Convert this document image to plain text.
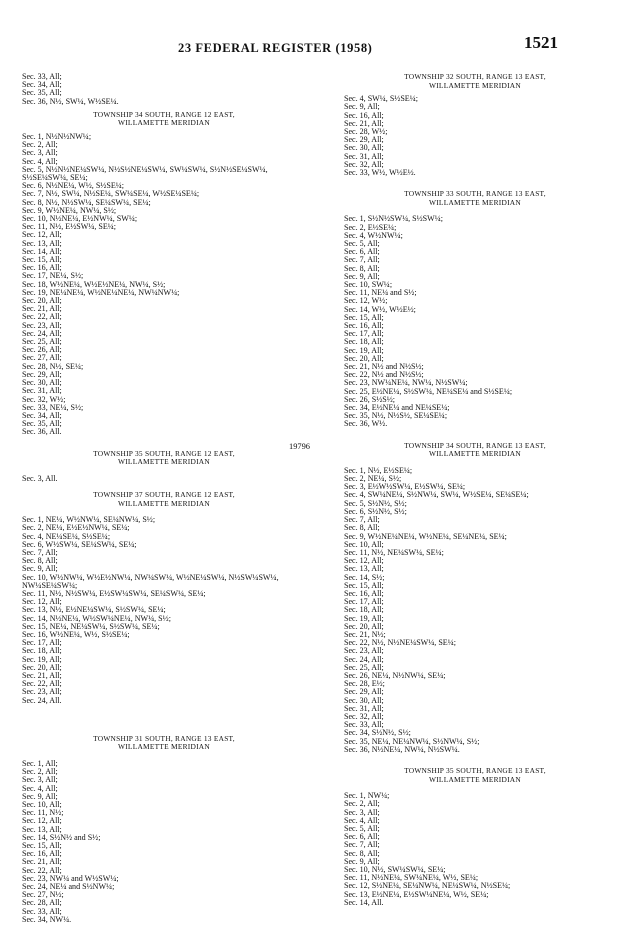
23 FEDERAL REGISTER (1958)	1521

Sec. 33, All;
Sec. 34, All;
Sec. 35, All;
Sec. 36, N½, SW¼, W½SE¼.

TOWNSHIP 34 SOUTH, RANGE 12 EAST,
WILLAMETTE MERIDIAN

Sec. 1, N½N½NW¼;
Sec. 2, All;
Sec. 3, All;
Sec. 4, All;

Sec. 5, N½N½NE¼SW¼, N½S½NE¼SW¼, SW¼SW¼, S½N½SE¼SW¼, S½SE¼SW¼, SE¼;

Sec. 6, N½NE¼, W½, S½SE¼;
Sec. 7, N½, SW¼, N½SE¼, SW¼SE¼, W½SE¼SE¼;
Sec. 8, N½, N½SW¼, SE¼SW¼, SE¼;
Sec. 9, W½NE¼, NW¼, S½;
Sec. 10, N½NE¼, E½NW¼, SW¼;
Sec. 11, N½, E½SW¼, SE¼;
Sec. 12, All;
Sec. 13, All;
Sec. 14, All;
Sec. 15, All;
Sec. 16, All;
Sec. 17, NE¼, S½;
Sec. 18, W½NE¼, W½E½NE¼, NW¼, S½;
Sec. 19, NE¼NE¼, W½NE¼NE¼, NW¼NW¼;
Sec. 20, All;
Sec. 21, All;
Sec. 22, All;
Sec. 23, All;
Sec. 24, All;
Sec. 25, All;
Sec. 26, All;
Sec. 27, All;
Sec. 28, N½, SE¼;
Sec. 29, All;
Sec. 30, All;
Sec. 31, All;
Sec. 32, W½;
Sec. 33, NE¼, S½;
Sec. 34, All;
Sec. 35, All;
Sec. 36, All.

TOWNSHIP 35 SOUTH, RANGE 12 EAST,
WILLAMETTE MERIDIAN

Sec. 3, All.

TOWNSHIP 37 SOUTH, RANGE 12 EAST,
WILLAMETTE MERIDIAN

Sec. 1, NE¼, W½NW¼, SE¼NW¼, S½;
Sec. 2, NE¼, E½E½NW¼, SE¼;
Sec. 4, NE¼SE¼, S½SE¼;
Sec. 6, W½SW¼, SE¼SW¼, SE¼;
Sec. 7, All;
Sec. 8, All;
Sec. 9, All;

Sec. 10, W½NW¼, W½E½NW¼, NW¼SW¼, W½NE¼SW¼, N½SW¼SW¼, NW¼SE¼SW¼;

Sec. 11, N½, N½SW¼, E½SW¼SW¼, SE¼SW¼, SE¼;

Sec. 12, All;
Sec. 13, N½, E½NE¼SW¼, S½SW¼, SE¼;
Sec. 14, N½NE¼, W½SW¼NE¼, NW¼, S½;
Sec. 15, NE¼, NE¼SW¼, S½SW¼, SE¼;
Sec. 16, W½NE¼, W½, S½SE¼;
Sec. 17, All;
Sec. 18, All;
Sec. 19, All;
Sec. 20, All;
Sec. 21, All;
Sec. 22, All;
Sec. 23, All;
Sec. 24, All.

TOWNSHIP 31 SOUTH, RANGE 13 EAST,
WILLAMETTE MERIDIAN

Sec. 1, All;
Sec. 2, All;
Sec. 3, All;
Sec. 4, All;
Sec. 9, All;
Sec. 10, All;
Sec. 11, N½;
Sec. 12, All;
Sec. 13, All;
Sec. 14, S½N½ and S½;
Sec. 15, All;
Sec. 16, All;
Sec. 21, All;
Sec. 22, All;
Sec. 23, NW¼ and W½SW¼;
Sec. 24, NE¼ and S½NW¼;
Sec. 27, N½;
Sec. 28, All;
Sec. 33, All;
Sec. 34, NW¼.

19796

TOWNSHIP 32 SOUTH, RANGE 13 EAST,
WILLAMETTE MERIDIAN

Sec. 4, SW¼, S½SE¼;
Sec. 9, All;
Sec. 16, All;
Sec. 21, All;
Sec. 28, W½;
Sec. 29, All;
Sec. 30, All;
Sec. 31, All;
Sec. 32, All;
Sec. 33, W½, W½E½.

TOWNSHIP 33 SOUTH, RANGE 13 EAST,
WILLAMETTE MERIDIAN

Sec. 1, S½N½SW¼, S½SW¼;
Sec. 2, E½SE¼;
Sec. 4, W½NW¼;
Sec. 5, All;
Sec. 6, All;
Sec. 7, All;
Sec. 8, All;
Sec. 9, All;
Sec. 10, SW¼;
Sec. 11, NE¼ and S½;
Sec. 12, W½;
Sec. 14, W½, W½E½;
Sec. 15, All;
Sec. 16, All;
Sec. 17, All;
Sec. 18, All;
Sec. 19, All;
Sec. 20, All;
Sec. 21, N½ and N½S½;
Sec. 22, N½ and N½S½;
Sec. 23, NW¼NE¼, NW¼, N½SW¼;
Sec. 25, E½NE¼, S½SW¼, NE¼SE¼ and S½SE¼;
Sec. 26, S½S½;
Sec. 34, E½NE¼ and NE¼SE¼;
Sec. 35, N½, N½S½, SE¼SE¼;
Sec. 36, W½.

TOWNSHIP 34 SOUTH, RANGE 13 EAST,
WILLAMETTE MERIDIAN

Sec. 1, N½, E½SE¼;
Sec. 2, NE¼, S½;
Sec. 3, E½W½SW¼, E½SW¼, SE¼;

Sec. 4, SW¼NE¼, S½NW¼, SW¼, W½SE¼, SE¼SE¼;

Sec. 5, S½N½, S½;
Sec. 6, S½N½, S½;
Sec. 7, All;
Sec. 8, All;
Sec. 9, W½NE¼NE¼, W½NE¼, SE¼NE¼, SE¼;
Sec. 10, All;
Sec. 11, N½, NE¼SW¼, SE¼;
Sec. 12, All;
Sec. 13, All;
Sec. 14, S½;
Sec. 15, All;
Sec. 16, All;
Sec. 17, All;
Sec. 18, All;
Sec. 19, All;
Sec. 20, All;
Sec. 21, N½;
Sec. 22, N½, N½NE¼SW¼, SE¼;
Sec. 23, All;
Sec. 24, All;
Sec. 25, All;
Sec. 26, NE¼, N½NW¼, SE¼;
Sec. 28, E½;
Sec. 29, All;
Sec. 30, All;
Sec. 31, All;
Sec. 32, All;
Sec. 33, All;
Sec. 34, S½N½, S½;
Sec. 35, NE¼, NE¼NW¼, S½NW¼, S½;
Sec. 36, N½NE¼, NW¼, N½SW¼.

TOWNSHIP 35 SOUTH, RANGE 13 EAST,
WILLAMETTE MERIDIAN

Sec. 1, NW¼;
Sec. 2, All;
Sec. 3, All;
Sec. 4, All;
Sec. 5, All;
Sec. 6, All;
Sec. 7, All;
Sec. 8, All;
Sec. 9, All;
Sec. 10, N½, SW¼SW¼, SE¼;
Sec. 11, N½NE¼, SW¼NE¼, W½, SE¼;
Sec. 12, S½NE¼, SE¼NW¼, NE¼SW¼, N½SE¼;
Sec. 13, E½NE¼, E½SW¼NE¼, W½, SE¼;
Sec. 14, All.
